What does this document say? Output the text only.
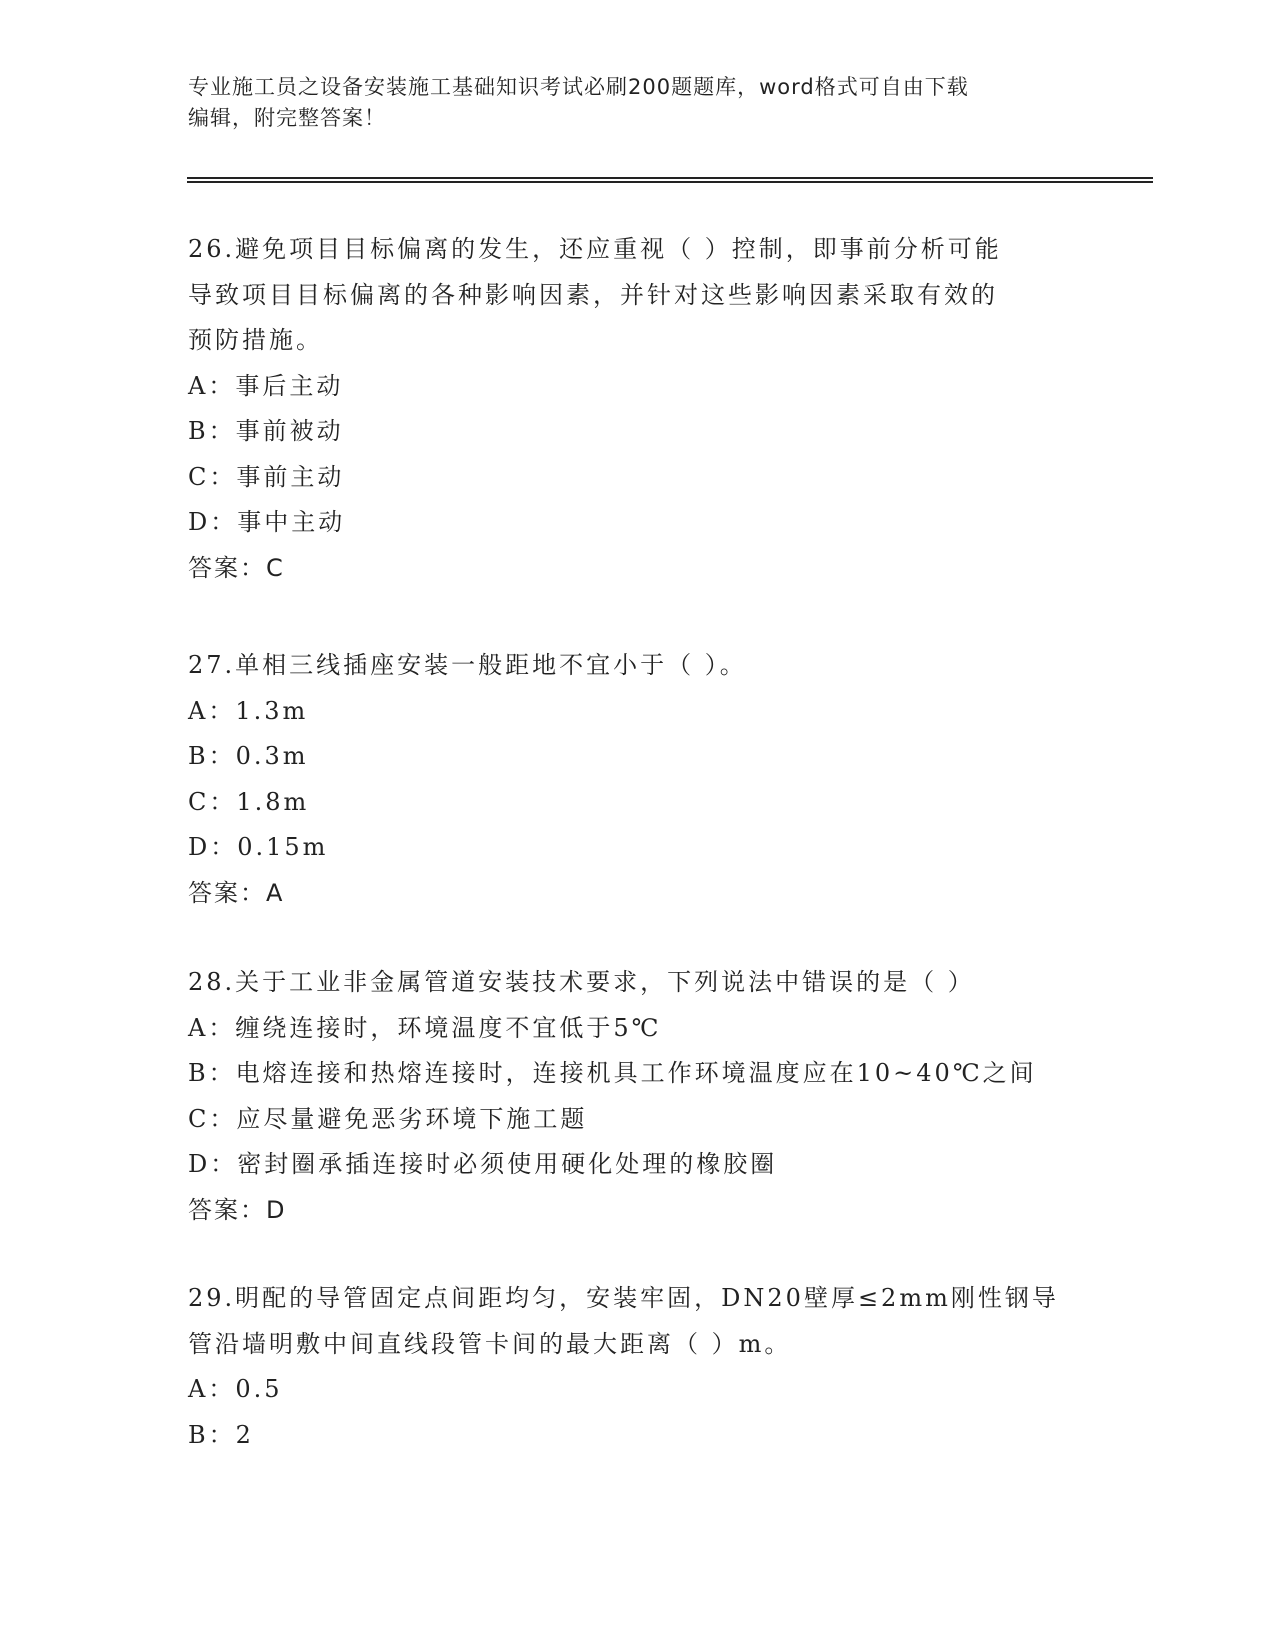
专业施工员之设备安装施工基础知识考试必刷200题题库，word格式可自由下载
编辑，附完整答案！
26.避免项目目标偏离的发生，还应重视（ ）控制，即事前分析可能
导致项目目标偏离的各种影响因素，并针对这些影响因素采取有效的
预防措施。
A：事后主动
B：事前被动
C：事前主动
D：事中主动
答案：C
27.单相三线插座安装一般距地不宜小于（ ）。
A：1.3m
B：0.3m
C：1.8m
D：0.15m
答案：A
28.关于工业非金属管道安装技术要求，下列说法中错误的是（ ）
A：缠绕连接时，环境温度不宜低于5℃
B：电熔连接和热熔连接时，连接机具工作环境温度应在10~40℃之间
C：应尽量避免恶劣环境下施工题
D：密封圈承插连接时必须使用硬化处理的橡胶圈
答案：D
29.明配的导管固定点间距均匀，安装牢固，DN20壁厚≤2mm刚性钢导
管沿墙明敷中间直线段管卡间的最大距离（ ）m。
A：0.5
B：2
